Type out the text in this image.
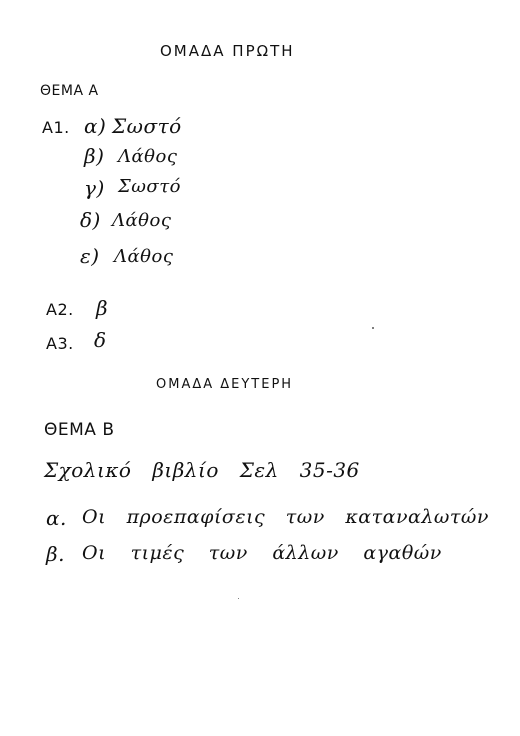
ΟΜΑΔΑ ΠΡΩΤΗ
ΘΕΜΑ Α
Α1. α) Σωστό
β) Λάθος
γ) Σωστό
δ) Λάθος
ε) Λάθος
Α2. β
Α3. δ
ΟΜΑΔΑ ΔΕΥΤΕΡΗ
ΘΕΜΑ Β
Σχολικό βιβλίο Σελ 35-36
α. Οι προεπαφίσεις των καταναλωτών
β. Οι τιμές των άλλων αγαθών
